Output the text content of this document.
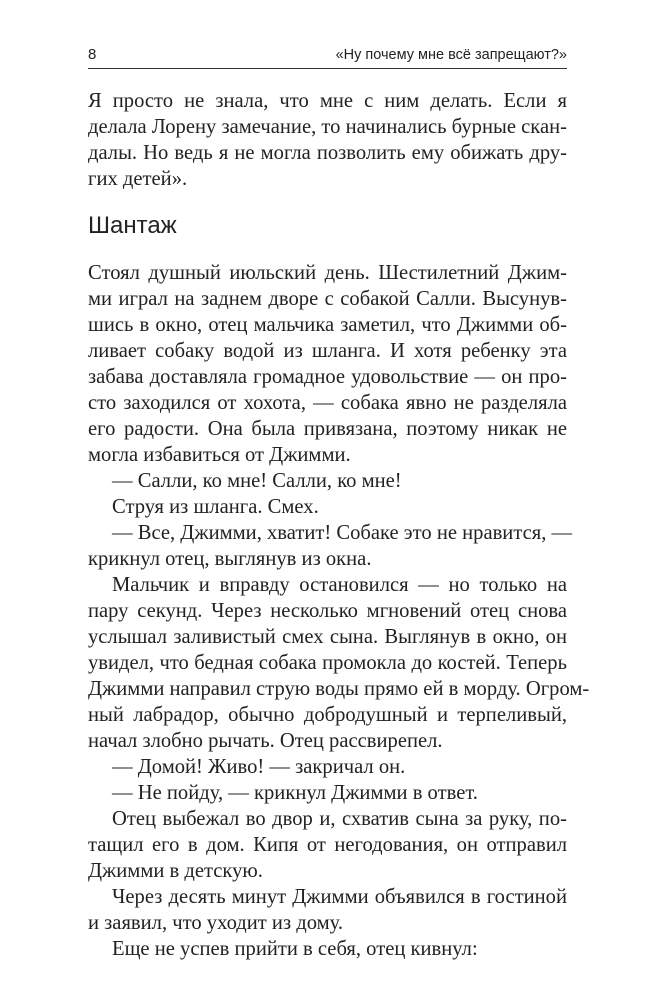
8	«Ну почему мне всё запрещают?»
Я просто не знала, что мне с ним делать. Если я
делала Лорену замечание, то начинались бурные скан-
далы. Но ведь я не могла позволить ему обижать дру-
гих детей».
Шантаж
Стоял душный июльский день. Шестилетний Джим-
ми играл на заднем дворе с собакой Салли. Высунув-
шись в окно, отец мальчика заметил, что Джимми об-
ливает собаку водой из шланга. И хотя ребенку эта
забава доставляла громадное удовольствие — он про-
сто заходился от хохота, — собака явно не разделяла
его радости. Она была привязана, поэтому никак не
могла избавиться от Джимми.
— Салли, ко мне! Салли, ко мне!
Струя из шланга. Смех.
— Все, Джимми, хватит! Собаке это не нравится, —
крикнул отец, выглянув из окна.
Мальчик и вправду остановился — но только на
пару секунд. Через несколько мгновений отец снова
услышал заливистый смех сына. Выглянув в окно, он
увидел, что бедная собака промокла до костей. Теперь
Джимми направил струю воды прямо ей в морду. Огром-
ный лабрадор, обычно добродушный и терпеливый,
начал злобно рычать. Отец рассвирепел.
— Домой! Живо! — закричал он.
— Не пойду, — крикнул Джимми в ответ.
Отец выбежал во двор и, схватив сына за руку, по-
тащил его в дом. Кипя от негодования, он отправил
Джимми в детскую.
Через десять минут Джимми объявился в гостиной
и заявил, что уходит из дому.
Еще не успев прийти в себя, отец кивнул:
